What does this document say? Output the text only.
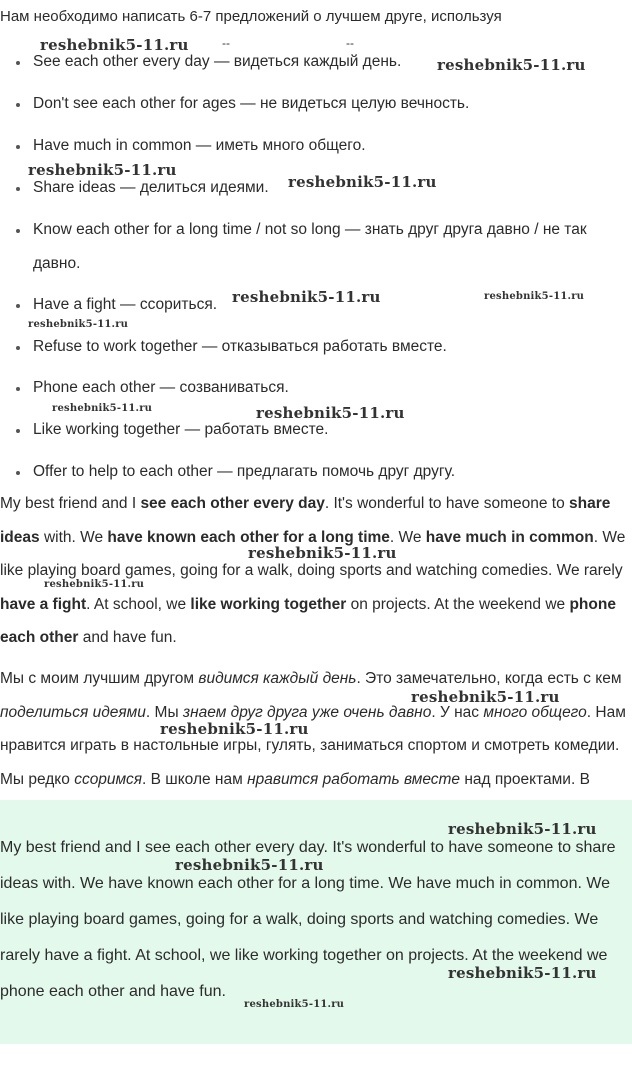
Нам необходимо написать 6-7 предложений о лучшем друге, используя
--	--
See each other every day — видеться каждый день.
Don't see each other for ages — не видеться целую вечность.
Have much in common — иметь много общего.
Share ideas — делиться идеями.
Know each other for a long time / not so long — знать друг друга давно / не так давно.
Have a fight — ссориться.
Refuse to work together — отказываться работать вместе.
Phone each other — созваниваться.
Like working together — работать вместе.
Offer to help to each other — предлагать помочь друг другу.
My best friend and I see each other every day. It's wonderful to have someone to share ideas with. We have known each other for a long time. We have much in common. We like playing board games, going for a walk, doing sports and watching comedies. We rarely have a fight. At school, we like working together on projects. At the weekend we phone each other and have fun.
Мы с моим лучшим другом видимся каждый день. Это замечательно, когда есть с кем поделиться идеями. Мы знаем друг друга уже очень давно. У нас много общего. Нам нравится играть в настольные игры, гулять, заниматься спортом и смотреть комедии. Мы редко ссоримся. В школе нам нравится работать вместе над проектами. В
My best friend and I see each other every day. It's wonderful to have someone to share ideas with. We have known each other for a long time. We have much in common. We like playing board games, going for a walk, doing sports and watching comedies. We rarely have a fight. At school, we like working together on projects. At the weekend we phone each other and have fun.
reshebnik5-11.ru
reshebnik5-11.ru
reshebnik5-11.ru
reshebnik5-11.ru
reshebnik5-11.ru	reshebnik5-11.ru
reshebnik5-11.ru
reshebnik5-11.ru	reshebnik5-11.ru
reshebnik5-11.ru
reshebnik5-11.ru
reshebnik5-11.ru
reshebnik5-11.ru
reshebnik5-11.ru
reshebnik5-11.ru
reshebnik5-11.ru
reshebnik5-11.ru
